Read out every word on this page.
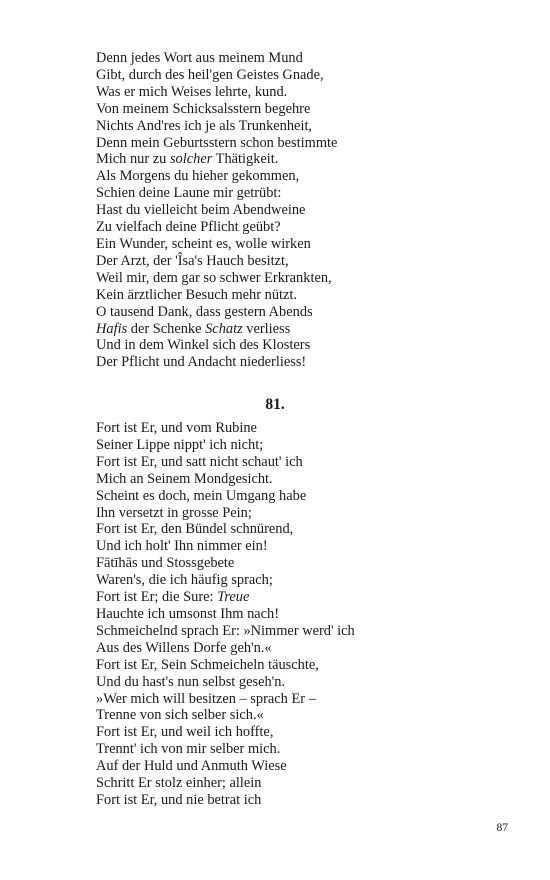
Denn jedes Wort aus meinem Mund
Gibt, durch des heil'gen Geistes Gnade,
Was er mich Weises lehrte, kund.
Von meinem Schicksalsstern begehre
Nichts And'res ich je als Trunkenheit,
Denn mein Geburtsstern schon bestimmte
Mich nur zu solcher Thätigkeit.
Als Morgens du hieher gekommen,
Schien deine Laune mir getrübt:
Hast du vielleicht beim Abendweine
Zu vielfach deine Pflicht geübt?
Ein Wunder, scheint es, wolle wirken
Der Arzt, der 'Îsa's Hauch besitzt,
Weil mir, dem gar so schwer Erkrankten,
Kein ärztlicher Besuch mehr nützt.
O tausend Dank, dass gestern Abends
Hafis der Schenke Schatz verliess
Und in dem Winkel sich des Klosters
Der Pflicht und Andacht niederliess!
81.
Fort ist Er, und vom Rubine
Seiner Lippe nippt' ich nicht;
Fort ist Er, und satt nicht schaut' ich
Mich an Seinem Mondgesicht.
Scheint es doch, mein Umgang habe
Ihn versetzt in grosse Pein;
Fort ist Er, den Bündel schnürend,
Und ich holt' Ihn nimmer ein!
Fātīhās und Stossgebete
Waren's, die ich häufig sprach;
Fort ist Er; die Sure: Treue
Hauchte ich umsonst Ihm nach!
Schmeichelnd sprach Er: »Nimmer werd' ich
Aus des Willens Dorfe geh'n.«
Fort ist Er, Sein Schmeicheln täuschte,
Und du hast's nun selbst geseh'n.
»Wer mich will besitzen – sprach Er –
Trenne von sich selber sich.«
Fort ist Er, und weil ich hoffte,
Trennt' ich von mir selber mich.
Auf der Huld und Anmuth Wiese
Schritt Er stolz einher; allein
Fort ist Er, und nie betrat ich
87
